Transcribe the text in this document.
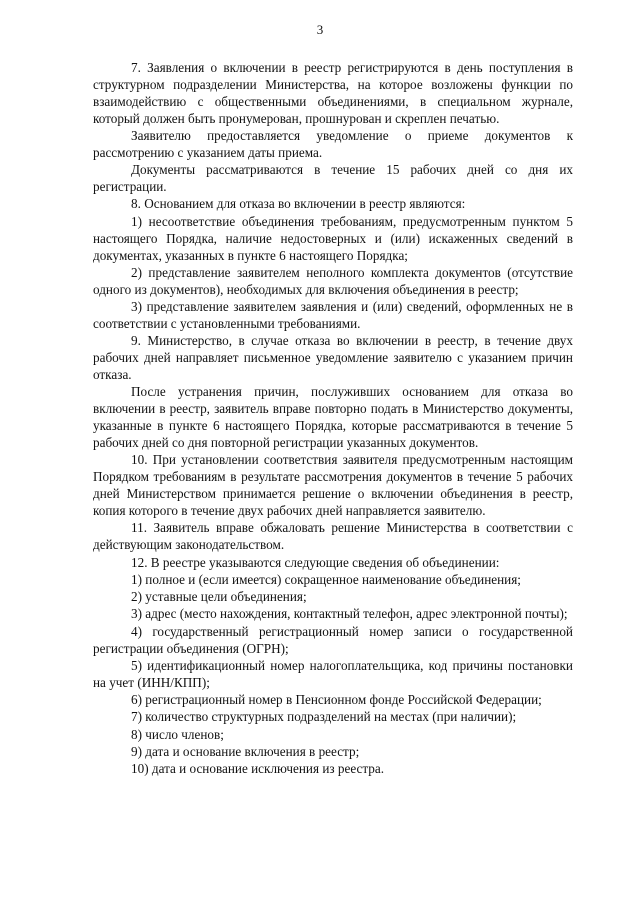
3

7. Заявления о включении в реестр регистрируются в день поступления в структурном подразделении Министерства, на которое возложены функции по взаимодействию с общественными объединениями, в специальном журнале, который должен быть пронумерован, прошнурован и скреплен печатью.

Заявителю предоставляется уведомление о приеме документов к рассмотрению с указанием даты приема.

Документы рассматриваются в течение 15 рабочих дней со дня их регистрации.

8. Основанием для отказа во включении в реестр являются:

1) несоответствие объединения требованиям, предусмотренным пунктом 5 настоящего Порядка, наличие недостоверных и (или) искаженных сведений в документах, указанных в пункте 6 настоящего Порядка;

2) представление заявителем неполного комплекта документов (отсутствие одного из документов), необходимых для включения объединения в реестр;

3) представление заявителем заявления и (или) сведений, оформленных не в соответствии с установленными требованиями.

9. Министерство, в случае отказа во включении в реестр, в течение двух рабочих дней направляет письменное уведомление заявителю с указанием причин отказа.

После устранения причин, послуживших основанием для отказа во включении в реестр, заявитель вправе повторно подать в Министерство документы, указанные в пункте 6 настоящего Порядка, которые рассматриваются в течение 5 рабочих дней со дня повторной регистрации указанных документов.

10. При установлении соответствия заявителя предусмотренным настоящим Порядком требованиям в результате рассмотрения документов в течение 5 рабочих дней Министерством принимается решение о включении объединения в реестр, копия которого в течение двух рабочих дней направляется заявителю.

11. Заявитель вправе обжаловать решение Министерства в соответствии с действующим законодательством.

12. В реестре указываются следующие сведения об объединении:

1) полное и (если имеется) сокращенное наименование объединения;

2) уставные цели объединения;

3) адрес (место нахождения, контактный телефон, адрес электронной почты);

4) государственный регистрационный номер записи о государственной регистрации объединения (ОГРН);

5) идентификационный номер налогоплательщика, код причины постановки на учет (ИНН/КПП);

6) регистрационный номер в Пенсионном фонде Российской Федерации;

7) количество структурных подразделений на местах (при наличии);

8) число членов;

9) дата и основание включения в реестр;

10) дата и основание исключения из реестра.
